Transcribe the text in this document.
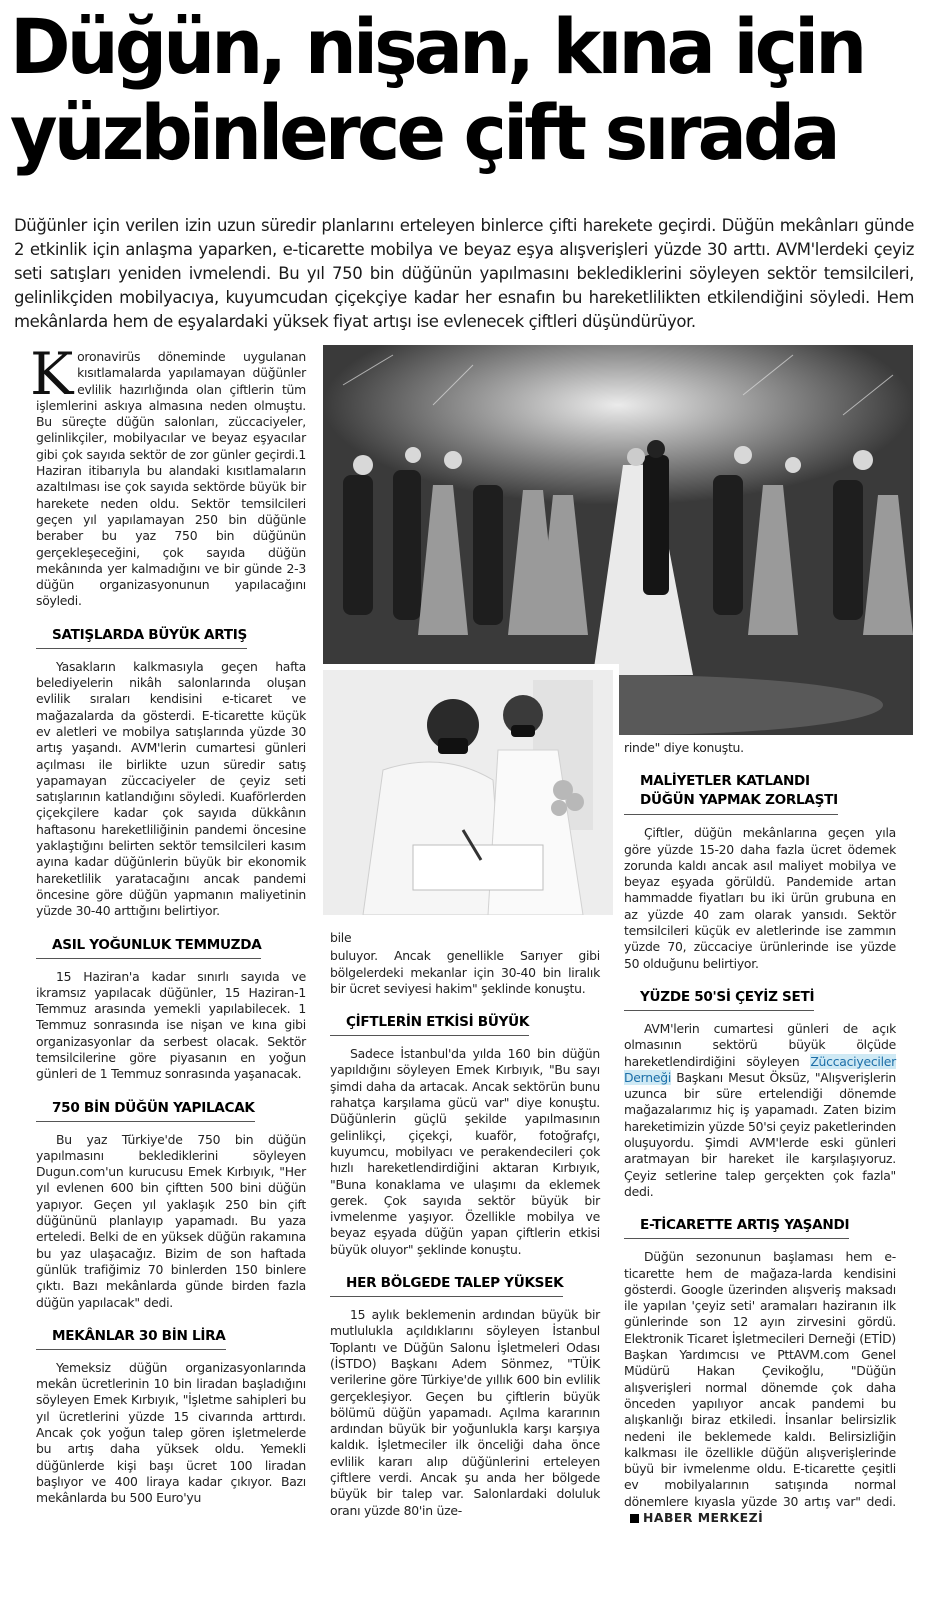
Düğün, nişan, kına için
yüzbinlerce çift sırada
Düğünler için verilen izin uzun süredir planlarını erteleyen binlerce çifti harekete geçirdi. Düğün mekânları günde 2 etkinlik için anlaşma yaparken, e-ticarette mobilya ve beyaz eşya alışverişleri yüzde 30 arttı. AVM'lerdeki çeyiz seti satışları yeniden ivmelendi. Bu yıl 750 bin düğünün yapılmasını beklediklerini söyleyen sektör temsilcileri, gelinlikçiden mobilyacıya, kuyumcudan çiçekçiye kadar her esnafın bu hareketlilikten etkilendiğini söyledi. Hem mekânlarda hem de eşyalardaki yüksek fiyat artışı ise evlenecek çiftleri düşündürüyor.

Koronavirüs döneminde uygulanan kısıtlamalarda yapılamayan düğünler evlilik hazırlığında olan çiftlerin tüm işlemlerini askıya almasına neden olmuştu. Bu süreçte düğün salonları, züccaciyeler, gelinlikçiler, mobilyacılar ve beyaz eşyacılar gibi çok sayıda sektör de zor günler geçirdi.1 Haziran itibarıyla bu alandaki kısıtlamaların azaltılması ise çok sayıda sektörde büyük bir harekete neden oldu. Sektör temsilcileri geçen yıl yapılamayan 250 bin düğünle beraber bu yaz 750 bin düğünün gerçekleşeceğini, çok sayıda düğün mekânında yer kalmadığını ve bir günde 2-3 düğün organizasyonunun yapılacağını söyledi.

SATIŞLARDA BÜYÜK ARTIŞ

Yasakların kalkmasıyla geçen hafta belediyelerin nikâh salonlarında oluşan evlilik sıraları kendisini e-ticaret ve mağazalarda da gösterdi. E-ticarette küçük ev aletleri ve mobilya satışlarında yüzde 30 artış yaşandı. AVM'lerin cumartesi günleri açılması ile birlikte uzun süredir satış yapamayan züccaciyeler de çeyiz seti satışlarının katlandığını söyledi. Kuaförlerden çiçekçilere kadar çok sayıda dükkânın haftasonu hareketliliğinin pandemi öncesine yaklaştığını belirten sektör temsilcileri kasım ayına kadar düğünlerin büyük bir ekonomik hareketlilik yaratacağını ancak pandemi öncesine göre düğün yapmanın maliyetinin yüzde 30-40 arttığını belirtiyor.

ASIL YOĞUNLUK TEMMUZDA

15 Haziran'a kadar sınırlı sayıda ve ikramsız yapılacak düğünler, 15 Haziran-1 Temmuz arasında yemekli yapılabilecek. 1 Temmuz sonrasında ise nişan ve kına gibi organizasyonlar da serbest olacak. Sektör temsilcilerine göre piyasanın en yoğun günleri de 1 Temmuz sonrasında yaşanacak.

750 BİN DÜĞÜN YAPILACAK

Bu yaz Türkiye'de 750 bin düğün yapılmasını beklediklerini söyleyen Dugun.com'un kurucusu Emek Kırbıyık, "Her yıl evlenen 600 bin çiftten 500 bini düğün yapıyor. Geçen yıl yaklaşık 250 bin çift düğününü planlayıp yapamadı. Bu yaza erteledi. Belki de en yüksek düğün rakamına bu yaz ulaşacağız. Bizim de son haftada günlük trafiğimiz 70 binlerden 150 binlere çıktı. Bazı mekânlarda günde birden fazla düğün yapılacak" dedi.

MEKÂNLAR 30 BİN LİRA

Yemeksiz düğün organizasyonlarında mekân ücretlerinin 10 bin liradan başladığını söyleyen Emek Kırbıyık, "İşletme sahipleri bu yıl ücretlerini yüzde 15 civarında arttırdı. Ancak çok yoğun talep gören işletmelerde bu artış daha yüksek oldu. Yemekli düğünlerde kişi başı ücret 100 liradan başlıyor ve 400 liraya kadar çıkıyor. Bazı mekânlarda bu 500 Euro'yu

bile

buluyor. Ancak genellikle Sarıyer gibi bölgelerdeki mekanlar için 30-40 bin liralık bir ücret seviyesi hakim" şeklinde konuştu.

ÇİFTLERİN ETKİSİ BÜYÜK

Sadece İstanbul'da yılda 160 bin düğün yapıldığını söyleyen Emek Kırbıyık, "Bu sayı şimdi daha da artacak. Ancak sektörün bunu rahatça karşılama gücü var" diye konuştu. Düğünlerin güçlü şekilde yapılmasının gelinlikçi, çiçekçi, kuaför, fotoğrafçı, kuyumcu, mobilyacı ve perakendecileri çok hızlı hareketlendirdiğini aktaran Kırbıyık, "Buna konaklama ve ulaşımı da eklemek gerek. Çok sayıda sektör büyük bir ivmelenme yaşıyor. Özellikle mobilya ve beyaz eşyada düğün yapan çiftlerin etkisi büyük oluyor" şeklinde konuştu.

HER BÖLGEDE TALEP YÜKSEK

15 aylık beklemenin ardından büyük bir mutlulukla açıldıklarını söyleyen İstanbul Toplantı ve Düğün Salonu İşletmeleri Odası (İSTDO) Başkanı Adem Sönmez, "TÜİK verilerine göre Türkiye'de yıllık 600 bin evlilik gerçekleşiyor. Geçen bu çiftlerin büyük bölümü düğün yapamadı. Açılma kararının ardından büyük bir yoğunlukla karşı karşıya kaldık. İşletmeciler ilk önceliği daha önce evlilik kararı alıp düğünlerini erteleyen çiftlere verdi. Ancak şu anda her bölgede büyük bir talep var. Salonlardaki doluluk oranı yüzde 80'in üze-

rinde" diye konuştu.

MALİYETLER KATLANDI
DÜĞÜN YAPMAK ZORLAŞTI

Çiftler, düğün mekânlarına geçen yıla göre yüzde 15-20 daha fazla ücret ödemek zorunda kaldı ancak asıl maliyet mobilya ve beyaz eşyada görüldü. Pandemide artan hammadde fiyatları bu iki ürün grubuna en az yüzde 40 zam olarak yansıdı. Sektör temsilcileri küçük ev aletlerinde ise zammın yüzde 70, züccaciye ürünlerinde ise yüzde 50 olduğunu belirtiyor.

YÜZDE 50'Sİ ÇEYİZ SETİ

AVM'lerin cumartesi günleri de açık olmasının sektörü büyük ölçüde hareketlendirdiğini söyleyen Züccaciyeciler Derneği Başkanı Mesut Öksüz, "Alışverişlerin uzunca bir süre ertelendiği dönemde mağazalarımız hiç iş yapamadı. Zaten bizim hareketimizin yüzde 50'si çeyiz paketlerinden oluşuyordu. Şimdi AVM'lerde eski günleri aratmayan bir hareket ile karşılaşıyoruz. Çeyiz setlerine talep gerçekten çok fazla" dedi.

E-TİCARETTE ARTIŞ YAŞANDI

Düğün sezonunun başlaması hem e-ticarette hem de mağaza-larda kendisini gösterdi. Google üzerinden alışveriş maksadı ile yapılan 'çeyiz seti' aramaları haziranın ilk günlerinde son 12 ayın zirvesini gördü. Elektronik Ticaret İşletmecileri Derneği (ETİD) Başkan Yardımcısı ve PttAVM.com Genel Müdürü Hakan Çevikoğlu, "Düğün alışverişleri normal dönemde çok daha önceden yapılıyor ancak pandemi bu alışkanlığı biraz etkiledi. İnsanlar belirsizlik nedeni ile beklemede kaldı. Belirsizliğin kalkması ile özellikle düğün alışverişlerinde büyü bir ivmelenme oldu. E-ticarette çeşitli ev mobilyalarının satışında normal dönemlere kıyasla yüzde 30 artış var" dedi.HABER MERKEZİ
